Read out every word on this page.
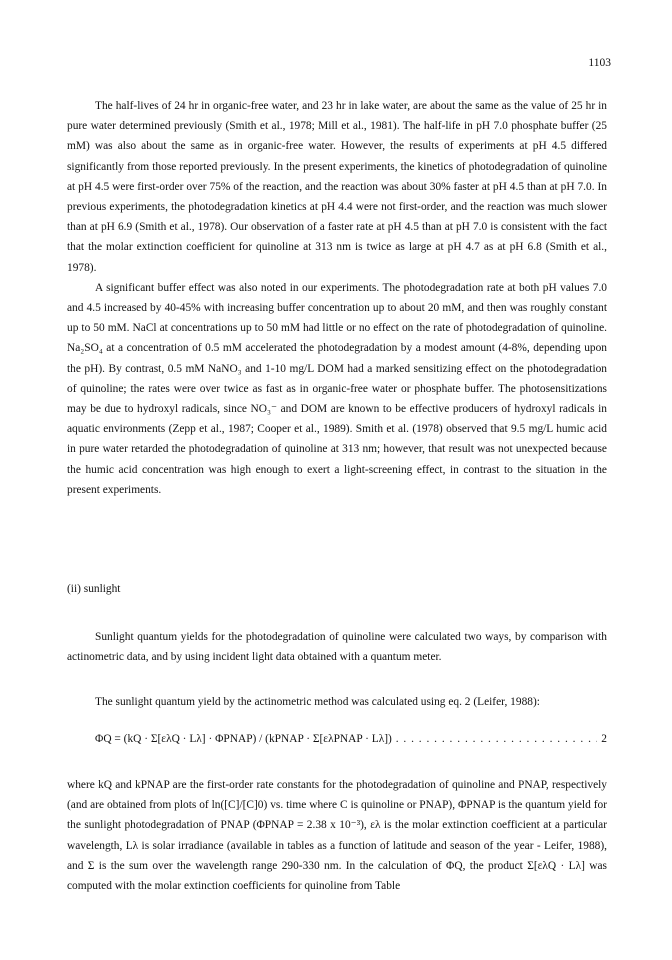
1103

The half-lives of 24 hr in organic-free water, and 23 hr in lake water, are about the same as the value of 25 hr in pure water determined previously (Smith et al., 1978; Mill et al., 1981). The half-life in pH 7.0 phosphate buffer (25 mM) was also about the same as in organic-free water. However, the results of experiments at pH 4.5 differed significantly from those reported previously. In the present experiments, the kinetics of photodegradation of quinoline at pH 4.5 were first-order over 75% of the reaction, and the reaction was about 30% faster at pH 4.5 than at pH 7.0. In previous experiments, the photodegradation kinetics at pH 4.4 were not first-order, and the reaction was much slower than at pH 6.9 (Smith et al., 1978). Our observation of a faster rate at pH 4.5 than at pH 7.0 is consistent with the fact that the molar extinction coefficient for quinoline at 313 nm is twice as large at pH 4.7 as at pH 6.8 (Smith et al., 1978).

A significant buffer effect was also noted in our experiments. The photodegradation rate at both pH values 7.0 and 4.5 increased by 40-45% with increasing buffer concentration up to about 20 mM, and then was roughly constant up to 50 mM. NaCl at concentrations up to 50 mM had little or no effect on the rate of photodegradation of quinoline. Na₂SO₄ at a concentration of 0.5 mM accelerated the photodegradation by a modest amount (4-8%, depending upon the pH). By contrast, 0.5 mM NaNO₃ and 1-10 mg/L DOM had a marked sensitizing effect on the photodegradation of quinoline; the rates were over twice as fast as in organic-free water or phosphate buffer. The photosensitizations may be due to hydroxyl radicals, since NO₃⁻ and DOM are known to be effective producers of hydroxyl radicals in aquatic environments (Zepp et al., 1987; Cooper et al., 1989). Smith et al. (1978) observed that 9.5 mg/L humic acid in pure water retarded the photodegradation of quinoline at 313 nm; however, that result was not unexpected because the humic acid concentration was high enough to exert a light-screening effect, in contrast to the situation in the present experiments.

(ii) sunlight

Sunlight quantum yields for the photodegradation of quinoline were calculated two ways, by comparison with actinometric data, and by using incident light data obtained with a quantum meter.

The sunlight quantum yield by the actinometric method was calculated using eq. 2 (Leifer, 1988):

ΦQ = (kQ · Σ[ελQ · Lλ] · ΦPNAP) / (kPNAP · Σ[ελPNAP · Lλ]) . . .	2

where kQ and kPNAP are the first-order rate constants for the photodegradation of quinoline and PNAP, respectively (and are obtained from plots of ln([C]/[C]0) vs. time where C is quinoline or PNAP), ΦPNAP is the quantum yield for the sunlight photodegradation of PNAP (ΦPNAP = 2.38 x 10⁻³), ελ is the molar extinction coefficient at a particular wavelength, Lλ is solar irradiance (available in tables as a function of latitude and season of the year - Leifer, 1988), and Σ is the sum over the wavelength range 290-330 nm. In the calculation of ΦQ, the product Σ[ελQ · Lλ] was computed with the molar extinction coefficients for quinoline from Table
